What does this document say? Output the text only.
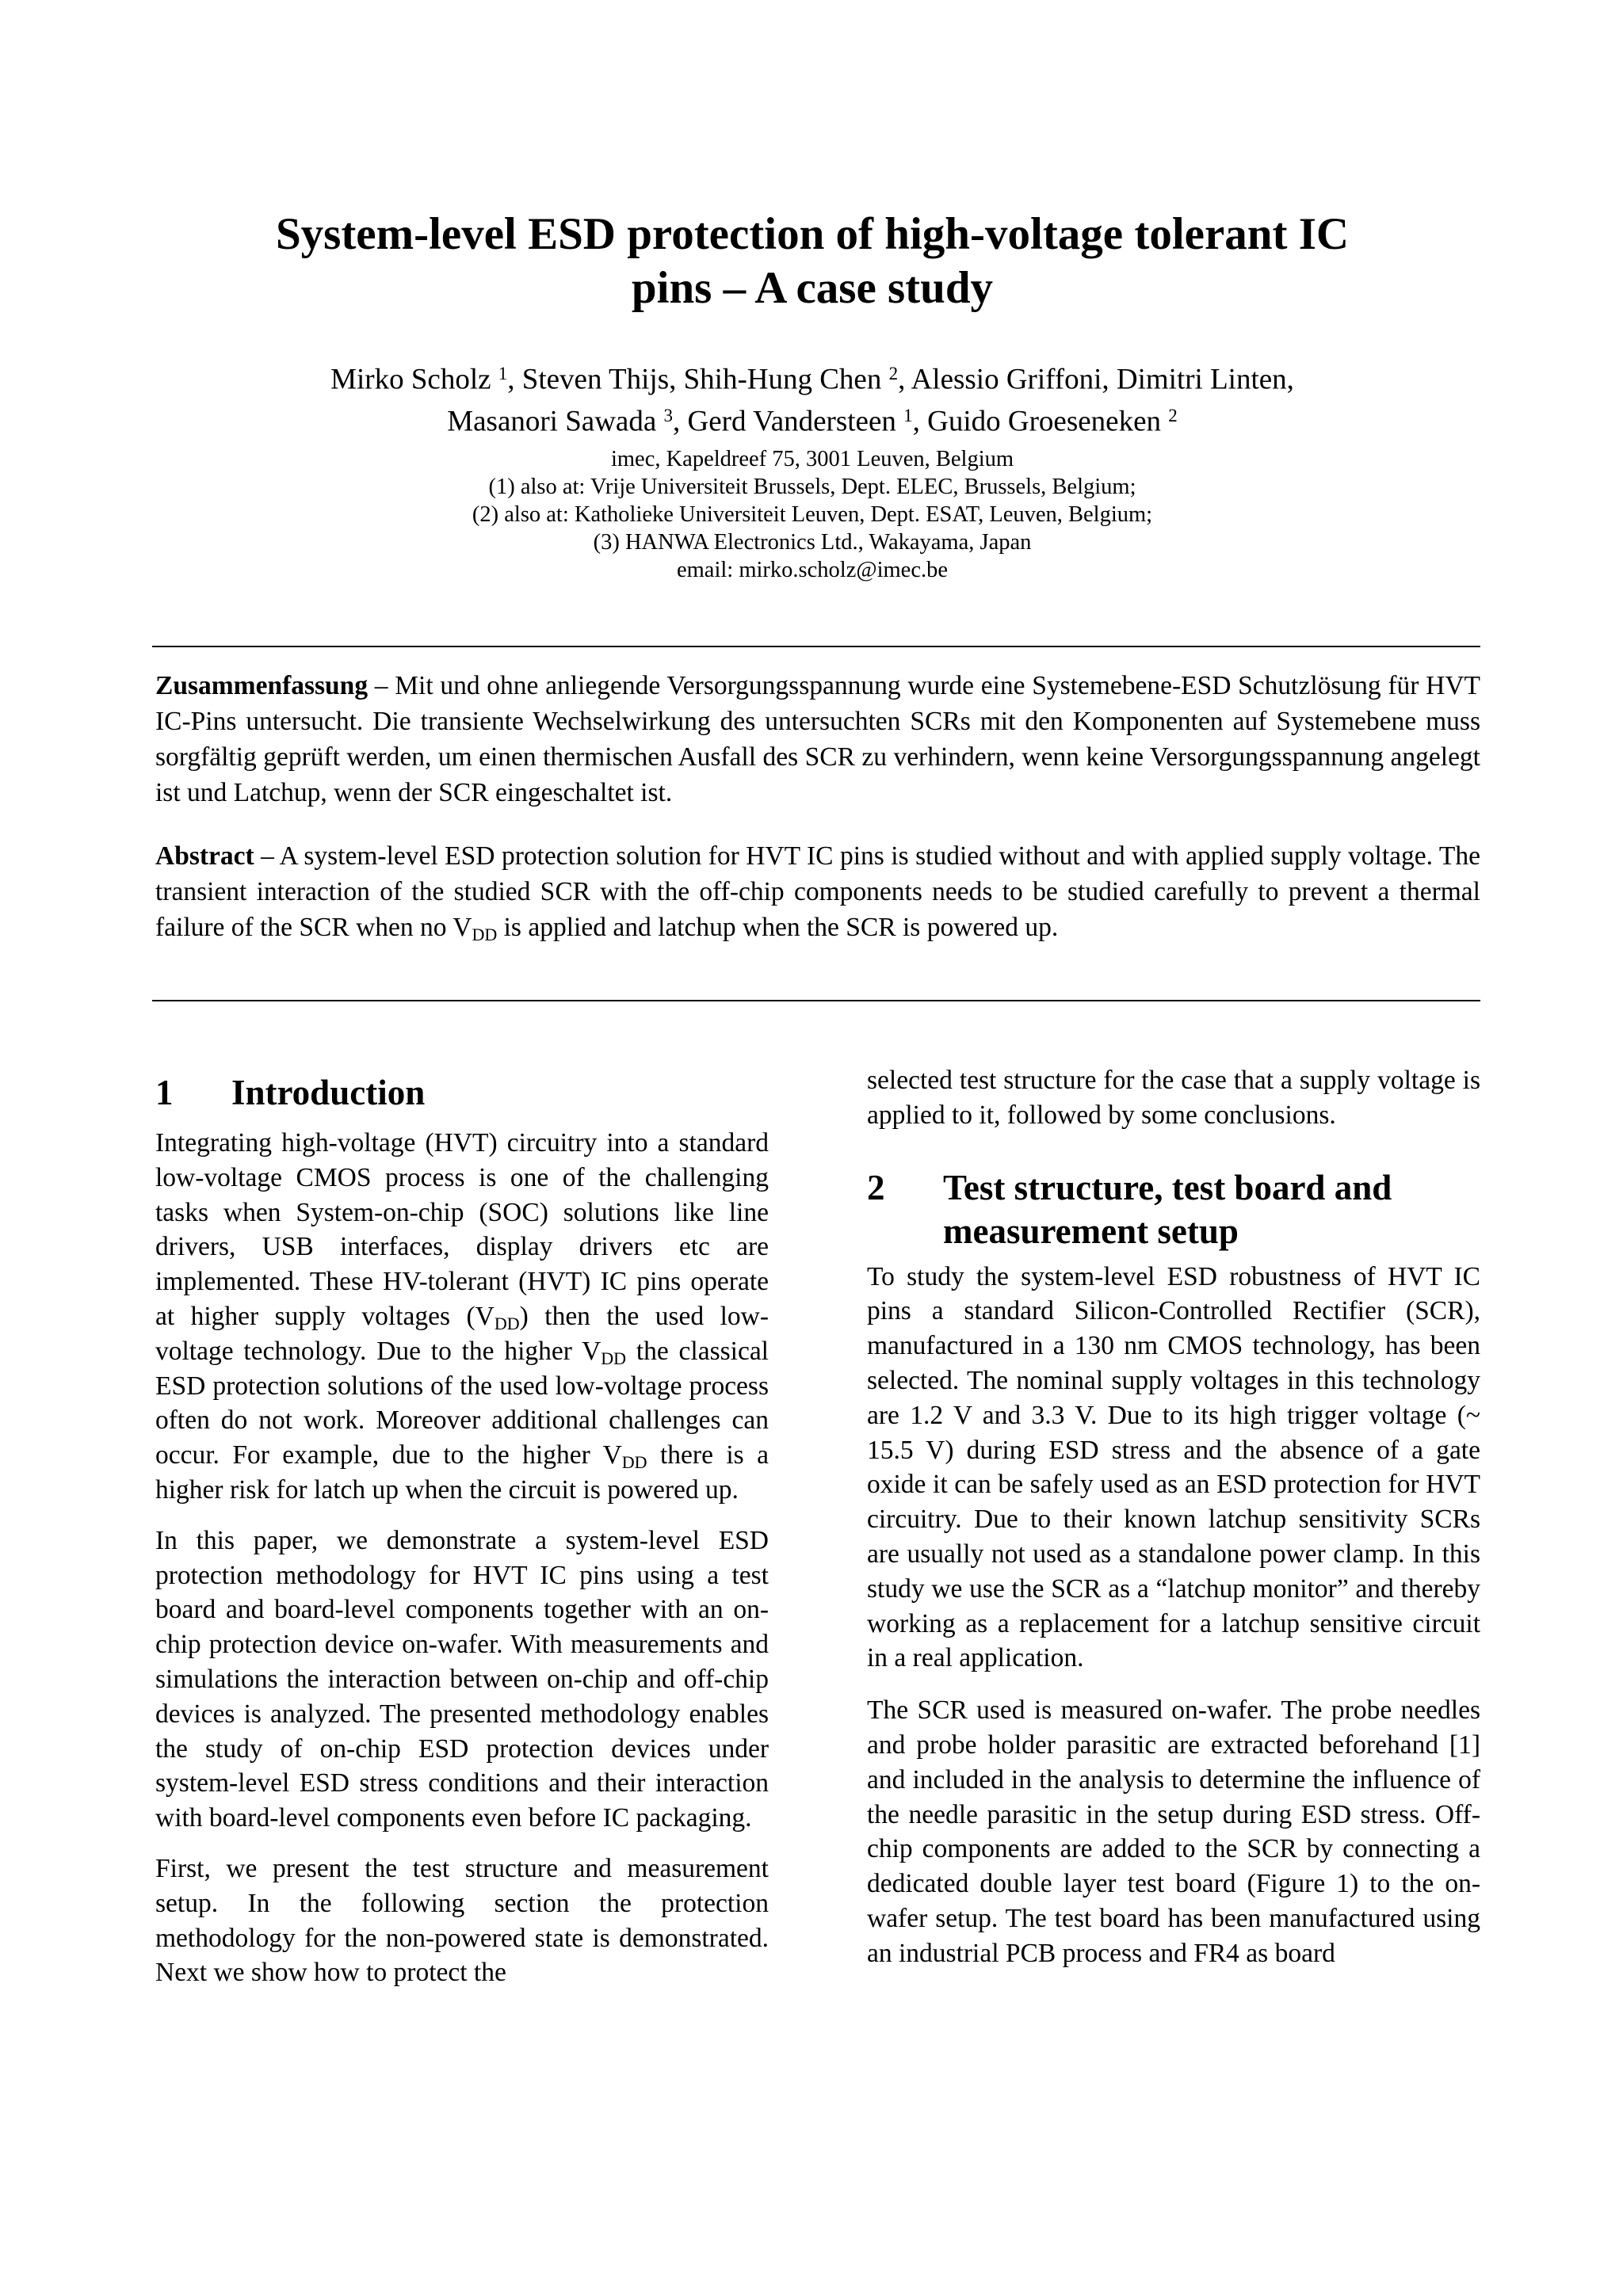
System-level ESD protection of high-voltage tolerant IC
pins – A case study
Mirko Scholz $^1$, Steven Thijs, Shih-Hung Chen $^2$, Alessio Griffoni, Dimitri Linten,
Masanori Sawada $^3$, Gerd Vandersteen $^1$, Guido Groeseneken $^2$
imec, Kapeldreef 75, 3001 Leuven, Belgium
(1) also at: Vrije Universiteit Brussels, Dept. ELEC, Brussels, Belgium;
(2) also at: Katholieke Universiteit Leuven, Dept. ESAT, Leuven, Belgium;
(3) HANWA Electronics Ltd., Wakayama, Japan
email: mirko.scholz@imec.be
Zusammenfassung – Mit und ohne anliegende Versorgungsspannung wurde eine Systemebene-ESD Schutzlösung für HVT IC-Pins untersucht. Die transiente Wechselwirkung des untersuchten SCRs mit den Komponenten auf Systemebene muss sorgfältig geprüft werden, um einen thermischen Ausfall des SCR zu verhindern, wenn keine Versorgungsspannung angelegt ist und Latchup, wenn der SCR eingeschaltet ist.
Abstract – A system-level ESD protection solution for HVT IC pins is studied without and with applied supply voltage. The transient interaction of the studied SCR with the off-chip components needs to be studied carefully to prevent a thermal failure of the SCR when no $V_{DD}$ is applied and latchup when the SCR is powered up.
1	Introduction

Integrating high-voltage (HVT) circuitry into a standard low-voltage CMOS process is one of the challenging tasks when System-on-chip (SOC) solutions like line drivers, USB interfaces, display drivers etc are implemented. These HV-tolerant (HVT) IC pins operate at higher supply voltages $(V_{DD})$ then the used low-voltage technology. Due to the higher $V_{DD}$ the classical ESD protection solutions of the used low-voltage process often do not work. Moreover additional challenges can occur. For example, due to the higher $V_{DD}$ there is a higher risk for latch up when the circuit is powered up.

In this paper, we demonstrate a system-level ESD protection methodology for HVT IC pins using a test board and board-level components together with an on-chip protection device on-wafer. With measurements and simulations the interaction between on-chip and off-chip devices is analyzed. The presented methodology enables the study of on-chip ESD protection devices under system-level ESD stress conditions and their interaction with board-level components even before IC packaging.

First, we present the test structure and measurement setup. In the following section the protection methodology for the non-powered state is demonstrated. Next we show how to protect the

selected test structure for the case that a supply voltage is applied to it, followed by some conclusions.

2	Test structure, test board and
measurement setup

To study the system-level ESD robustness of HVT IC pins a standard Silicon-Controlled Rectifier (SCR), manufactured in a 130 nm CMOS technology, has been selected. The nominal supply voltages in this technology are 1.2 V and 3.3 V. Due to its high trigger voltage (~ 15.5 V) during ESD stress and the absence of a gate oxide it can be safely used as an ESD protection for HVT circuitry. Due to their known latchup sensitivity SCRs are usually not used as a standalone power clamp. In this study we use the SCR as a “latchup monitor” and thereby working as a replacement for a latchup sensitive circuit in a real application.

The SCR used is measured on-wafer. The probe needles and probe holder parasitic are extracted beforehand [1] and included in the analysis to determine the influence of the needle parasitic in the setup during ESD stress. Off-chip components are added to the SCR by connecting a dedicated double layer test board (Figure 1) to the on-wafer setup. The test board has been manufactured using an industrial PCB process and FR4 as board
